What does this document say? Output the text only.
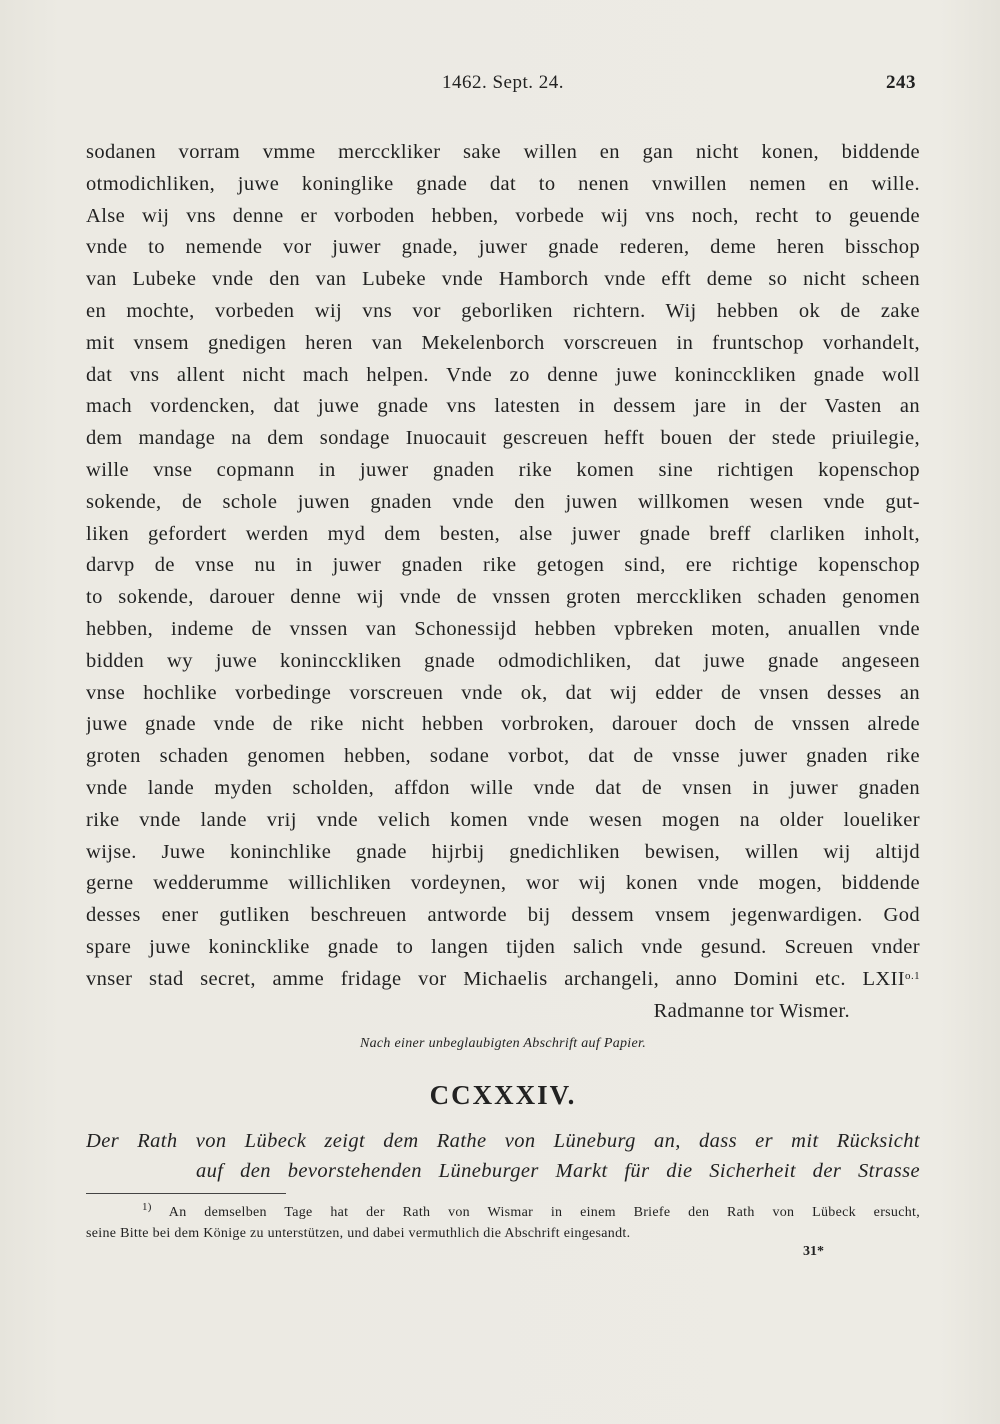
1462. Sept. 24.	243
sodanen vorram vmme mercckliker sake willen en gan nicht konen, biddende
otmodichliken, juwe koninglike gnade dat to nenen vnwillen nemen en wille.
Alse wij vns denne er vorboden hebben, vorbede wij vns noch, recht to geuende
vnde to nemende vor juwer gnade, juwer gnade rederen, deme heren bisschop
van Lubeke vnde den van Lubeke vnde Hamborch vnde efft deme so nicht scheen
en mochte, vorbeden wij vns vor geborliken richtern. Wij hebben ok de zake
mit vnsem gnedigen heren van Mekelenborch vorscreuen in fruntschop vorhandelt,
dat vns allent nicht mach helpen. Vnde zo denne juwe konincckliken gnade woll
mach vordencken, dat juwe gnade vns latesten in dessem jare in der Vasten an
dem mandage na dem sondage Inuocauit gescreuen hefft bouen der stede priuilegie,
wille vnse copmann in juwer gnaden rike komen sine richtigen kopenschop
sokende, de schole juwen gnaden vnde den juwen willkomen wesen vnde gut-
liken gefordert werden myd dem besten, alse juwer gnade breff clarliken inholt,
darvp de vnse nu in juwer gnaden rike getogen sind, ere richtige kopenschop
to sokende, darouer denne wij vnde de vnssen groten mercckliken schaden genomen
hebben, indeme de vnssen van Schonessijd hebben vpbreken moten, anuallen vnde
bidden wy juwe konincckliken gnade odmodichliken, dat juwe gnade angeseen
vnse hochlike vorbedinge vorscreuen vnde ok, dat wij edder de vnsen desses an
juwe gnade vnde de rike nicht hebben vorbroken, darouer doch de vnssen alrede
groten schaden genomen hebben, sodane vorbot, dat de vnsse juwer gnaden rike
vnde lande myden scholden, affdon wille vnde dat de vnsen in juwer gnaden
rike vnde lande vrij vnde velich komen vnde wesen mogen na older loueliker
wijse. Juwe koninchlike gnade hijrbij gnedichliken bewisen, willen wij altijd
gerne wedderumme willichliken vordeynen, wor wij konen vnde mogen, biddende
desses ener gutliken beschreuen antworde bij dessem vnsem jegenwardigen. God
spare juwe konincklike gnade to langen tijden salich vnde gesund. Screuen vnder
vnser stad secret, amme fridage vor Michaelis archangeli, anno Domini etc. $LXII^{o.1}$
Radmanne tor Wismer.
Nach einer unbeglaubigten Abschrift auf Papier.
CCXXXIV.
Der Rath von Lübeck zeigt dem Rathe von Lüneburg an, dass er mit Rücksicht
auf den bevorstehenden Lüneburger Markt für die Sicherheit der Strasse
$^{1)}$ An demselben Tage hat der Rath von Wismar in einem Briefe den Rath von Lübeck ersucht,
seine Bitte bei dem Könige zu unterstützen, und dabei vermuthlich die Abschrift eingesandt.
31*
